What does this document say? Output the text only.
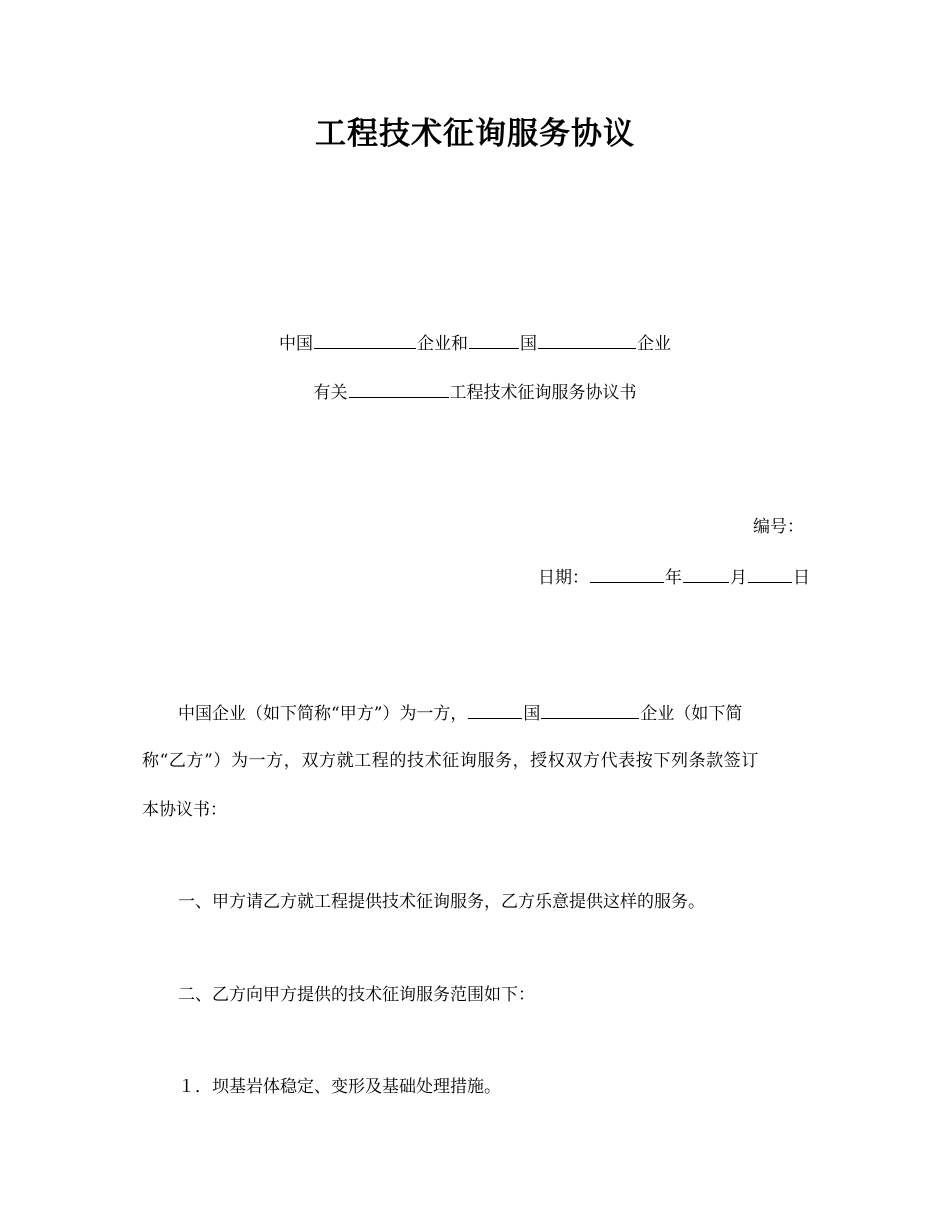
工程技术征询服务协议
中国	企业和	国	企业
有关	工程技术征询服务协议书
编号：
日期：	年	月	日
中国企业（如下简称“甲方”）为一方，	国	企业（如下简
称“乙方”）为一方，双方就工程的技术征询服务，授权双方代表按下列条款签订
本协议书：
一、甲方请乙方就工程提供技术征询服务，乙方乐意提供这样的服务。
二、乙方向甲方提供的技术征询服务范围如下：
１．坝基岩体稳定、变形及基础处理措施。
